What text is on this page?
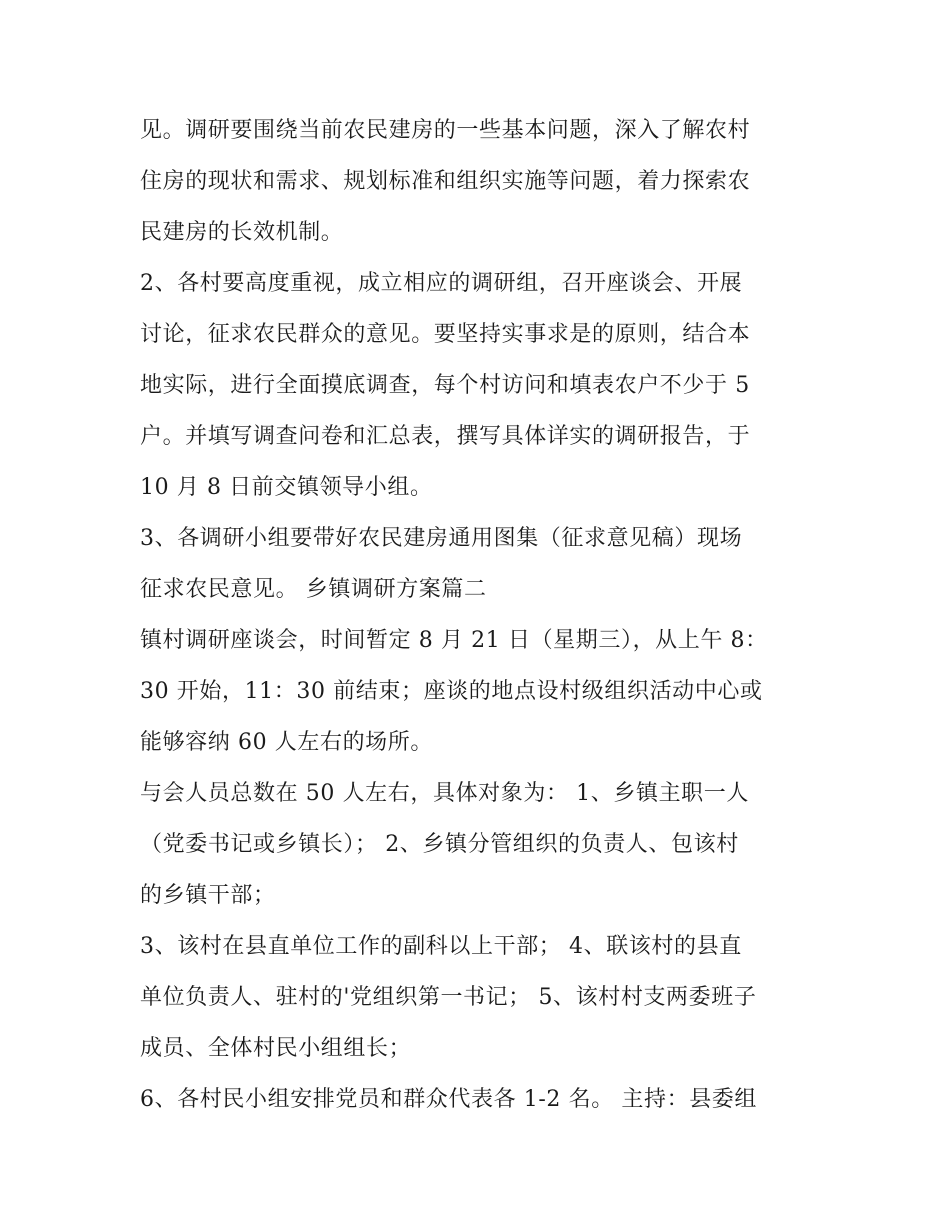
见。调研要围绕当前农民建房的一些基本问题，深入了解农村
住房的现状和需求、规划标准和组织实施等问题，着力探索农
民建房的长效机制。
2、各村要高度重视，成立相应的调研组，召开座谈会、开展
讨论，征求农民群众的意见。要坚持实事求是的原则，结合本
地实际，进行全面摸底调查，每个村访问和填表农户不少于 5
户。并填写调查问卷和汇总表，撰写具体详实的调研报告，于
10 月 8 日前交镇领导小组。
3、各调研小组要带好农民建房通用图集（征求意见稿）现场
征求农民意见。 乡镇调研方案篇二
镇村调研座谈会，时间暂定 8 月 21 日（星期三），从上午 8：
30 开始，11：30 前结束；座谈的地点设村级组织活动中心或
能够容纳 60 人左右的场所。
与会人员总数在 50 人左右，具体对象为： 1、乡镇主职一人
（党委书记或乡镇长）； 2、乡镇分管组织的负责人、包该村
的乡镇干部；
3、该村在县直单位工作的副科以上干部； 4、联该村的县直
单位负责人、驻村的'党组织第一书记； 5、该村村支两委班子
成员、全体村民小组组长；
6、各村民小组安排党员和群众代表各 1-2 名。 主持：县委组
